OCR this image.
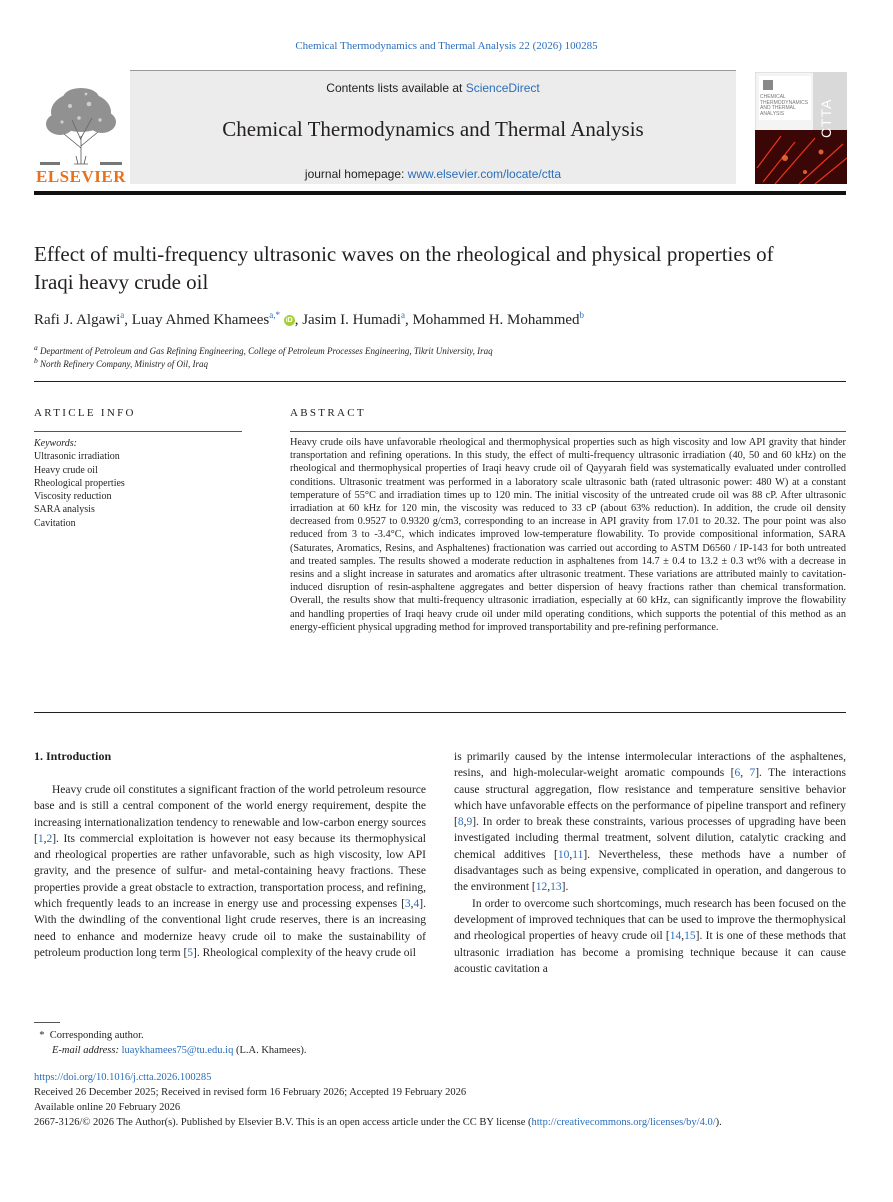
Chemical Thermodynamics and Thermal Analysis 22 (2026) 100285
ELSEVIER
Contents lists available at ScienceDirect
Chemical Thermodynamics and Thermal Analysis
journal homepage: www.elsevier.com/locate/ctta
CHEMICAL THERMODYNAMICS AND THERMAL ANALYSIS	CTTA
Effect of multi-frequency ultrasonic waves on the rheological and physical properties of Iraqi heavy crude oil
Rafi J. Algawi$^a$, Luay Ahmed Khamees$^{a,*}$ iD , Jasim I. Humadi$^a$, Mohammed H. Mohammed$^b$
$^a$ Department of Petroleum and Gas Refining Engineering, College of Petroleum Processes Engineering, Tikrit University, Iraq
$^b$ North Refinery Company, Ministry of Oil, Iraq
ARTICLE INFO
Keywords:
Ultrasonic irradiation
Heavy crude oil
Rheological properties
Viscosity reduction
SARA analysis
Cavitation
ABSTRACT
Heavy crude oils have unfavorable rheological and thermophysical properties such as high viscosity and low API gravity that hinder transportation and refining operations. In this study, the effect of multi-frequency ultrasonic irradiation (40, 50 and 60 kHz) on the rheological and thermophysical properties of Iraqi heavy crude oil of Qayyarah field was systematically evaluated under controlled conditions. Ultrasonic treatment was performed in a laboratory scale ultrasonic bath (rated ultrasonic power: 480 W) at a constant temperature of 55°C and irradiation times up to 120 min. The initial viscosity of the untreated crude oil was 88 cP. After ultrasonic irradiation at 60 kHz for 120 min, the viscosity was reduced to 33 cP (about 63% reduction). In addition, the crude oil density decreased from 0.9527 to 0.9320 g/cm3, corresponding to an increase in API gravity from 17.01 to 20.32. The pour point was also reduced from 3 to -3.4°C, which indicates improved low-temperature flowability. To provide compositional information, SARA (Saturates, Aromatics, Resins, and Asphaltenes) fractionation was carried out according to ASTM D6560 / IP-143 for both untreated and treated samples. The results showed a moderate reduction in asphaltenes from 14.7 ± 0.4 to 13.2 ± 0.3 wt% with a decrease in resins and a slight increase in saturates and aromatics after ultrasonic treatment. These variations are attributed mainly to cavitation-induced disruption of resin-asphaltene aggregates and better dispersion of heavy fractions rather than chemical transformation. Overall, the results show that multi-frequency ultrasonic irradiation, especially at 60 kHz, can significantly improve the flowability and handling properties of Iraqi heavy crude oil under mild operating conditions, which supports the potential of this method as an energy-efficient physical upgrading method for improved transportability and pre-refining performance.
1. Introduction

Heavy crude oil constitutes a significant fraction of the world petroleum resource base and is still a central component of the world energy requirement, despite the increasing internationalization tendency to renewable and low-carbon energy sources [1,2]. Its commercial exploitation is however not easy because its thermophysical and rheological properties are rather unfavorable, such as high viscosity, low API gravity, and the presence of sulfur- and metal-containing heavy fractions. These properties provide a great obstacle to extraction, transportation process, and refining, which frequently leads to an increase in energy use and processing expenses [3,4]. With the dwindling of the conventional light crude reserves, there is an increasing need to enhance and modernize heavy crude oil to make the sustainability of petroleum production long term [5]. Rheological complexity of the heavy crude oil

is primarily caused by the intense intermolecular interactions of the asphaltenes, resins, and high-molecular-weight aromatic compounds [6, 7]. The interactions cause structural aggregation, flow resistance and temperature sensitive behavior which have unfavorable effects on the performance of pipeline transport and refinery [8,9]. In order to break these constraints, various processes of upgrading have been investigated including thermal treatment, solvent dilution, catalytic cracking and chemical additives [10,11]. Nevertheless, these methods have a number of disadvantages such as being expensive, complicated in operation, and dangerous to the environment [12,13].

In order to overcome such shortcomings, much research has been focused on the development of improved techniques that can be used to improve the thermophysical and rheological properties of heavy crude oil [14,15]. It is one of these methods that ultrasonic irradiation has become a promising technique because it can cause acoustic cavitation a

* Corresponding author.
E-mail address: luaykhamees75@tu.edu.iq (L.A. Khamees).
https://doi.org/10.1016/j.ctta.2026.100285
Received 26 December 2025; Received in revised form 16 February 2026; Accepted 19 February 2026
Available online 20 February 2026
2667-3126/© 2026 The Author(s). Published by Elsevier B.V. This is an open access article under the CC BY license (http://creativecommons.org/licenses/by/4.0/).
